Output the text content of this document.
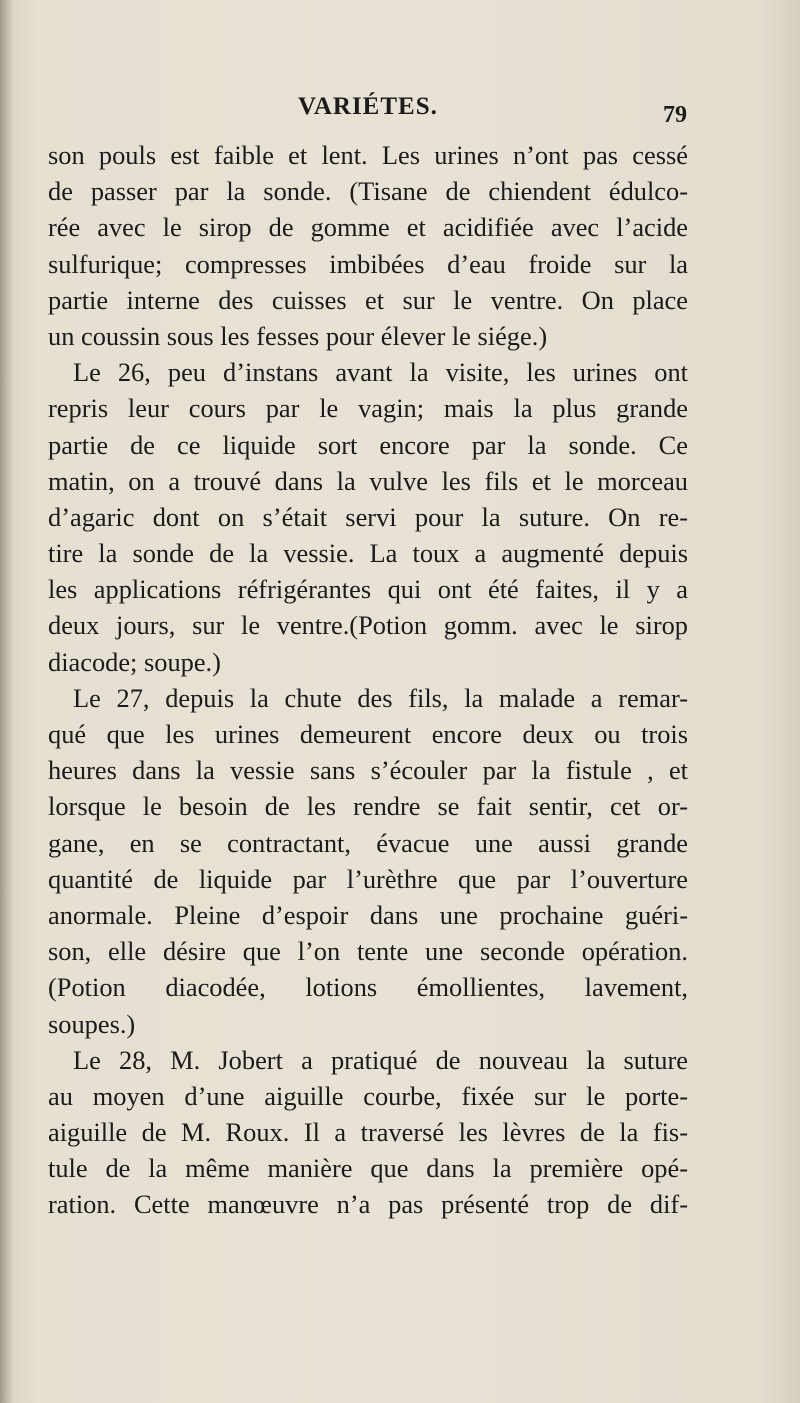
VARIÉTES.	79
son pouls est faible et lent. Les urines n’ont pas cessé
de passer par la sonde. (Tisane de chiendent édulco-
rée avec le sirop de gomme et acidifiée avec l’acide
sulfurique; compresses imbibées d’eau froide sur la
partie interne des cuisses et sur le ventre. On place
un coussin sous les fesses pour élever le siége.)
Le 26, peu d’instans avant la visite, les urines ont
repris leur cours par le vagin; mais la plus grande
partie de ce liquide sort encore par la sonde. Ce
matin, on a trouvé dans la vulve les fils et le morceau
d’agaric dont on s’était servi pour la suture. On re-
tire la sonde de la vessie. La toux a augmenté depuis
les applications réfrigérantes qui ont été faites, il y a
deux jours, sur le ventre.(Potion gomm. avec le sirop
diacode; soupe.)
Le 27, depuis la chute des fils, la malade a remar-
qué que les urines demeurent encore deux ou trois
heures dans la vessie sans s’écouler par la fistule , et
lorsque le besoin de les rendre se fait sentir, cet or-
gane, en se contractant, évacue une aussi grande
quantité de liquide par l’urèthre que par l’ouverture
anormale. Pleine d’espoir dans une prochaine guéri-
son, elle désire que l’on tente une seconde opération.
(Potion diacodée, lotions émollientes, lavement,
soupes.)
Le 28, M. Jobert a pratiqué de nouveau la suture
au moyen d’une aiguille courbe, fixée sur le porte-
aiguille de M. Roux. Il a traversé les lèvres de la fis-
tule de la même manière que dans la première opé-
ration. Cette manœuvre n’a pas présenté trop de dif-
